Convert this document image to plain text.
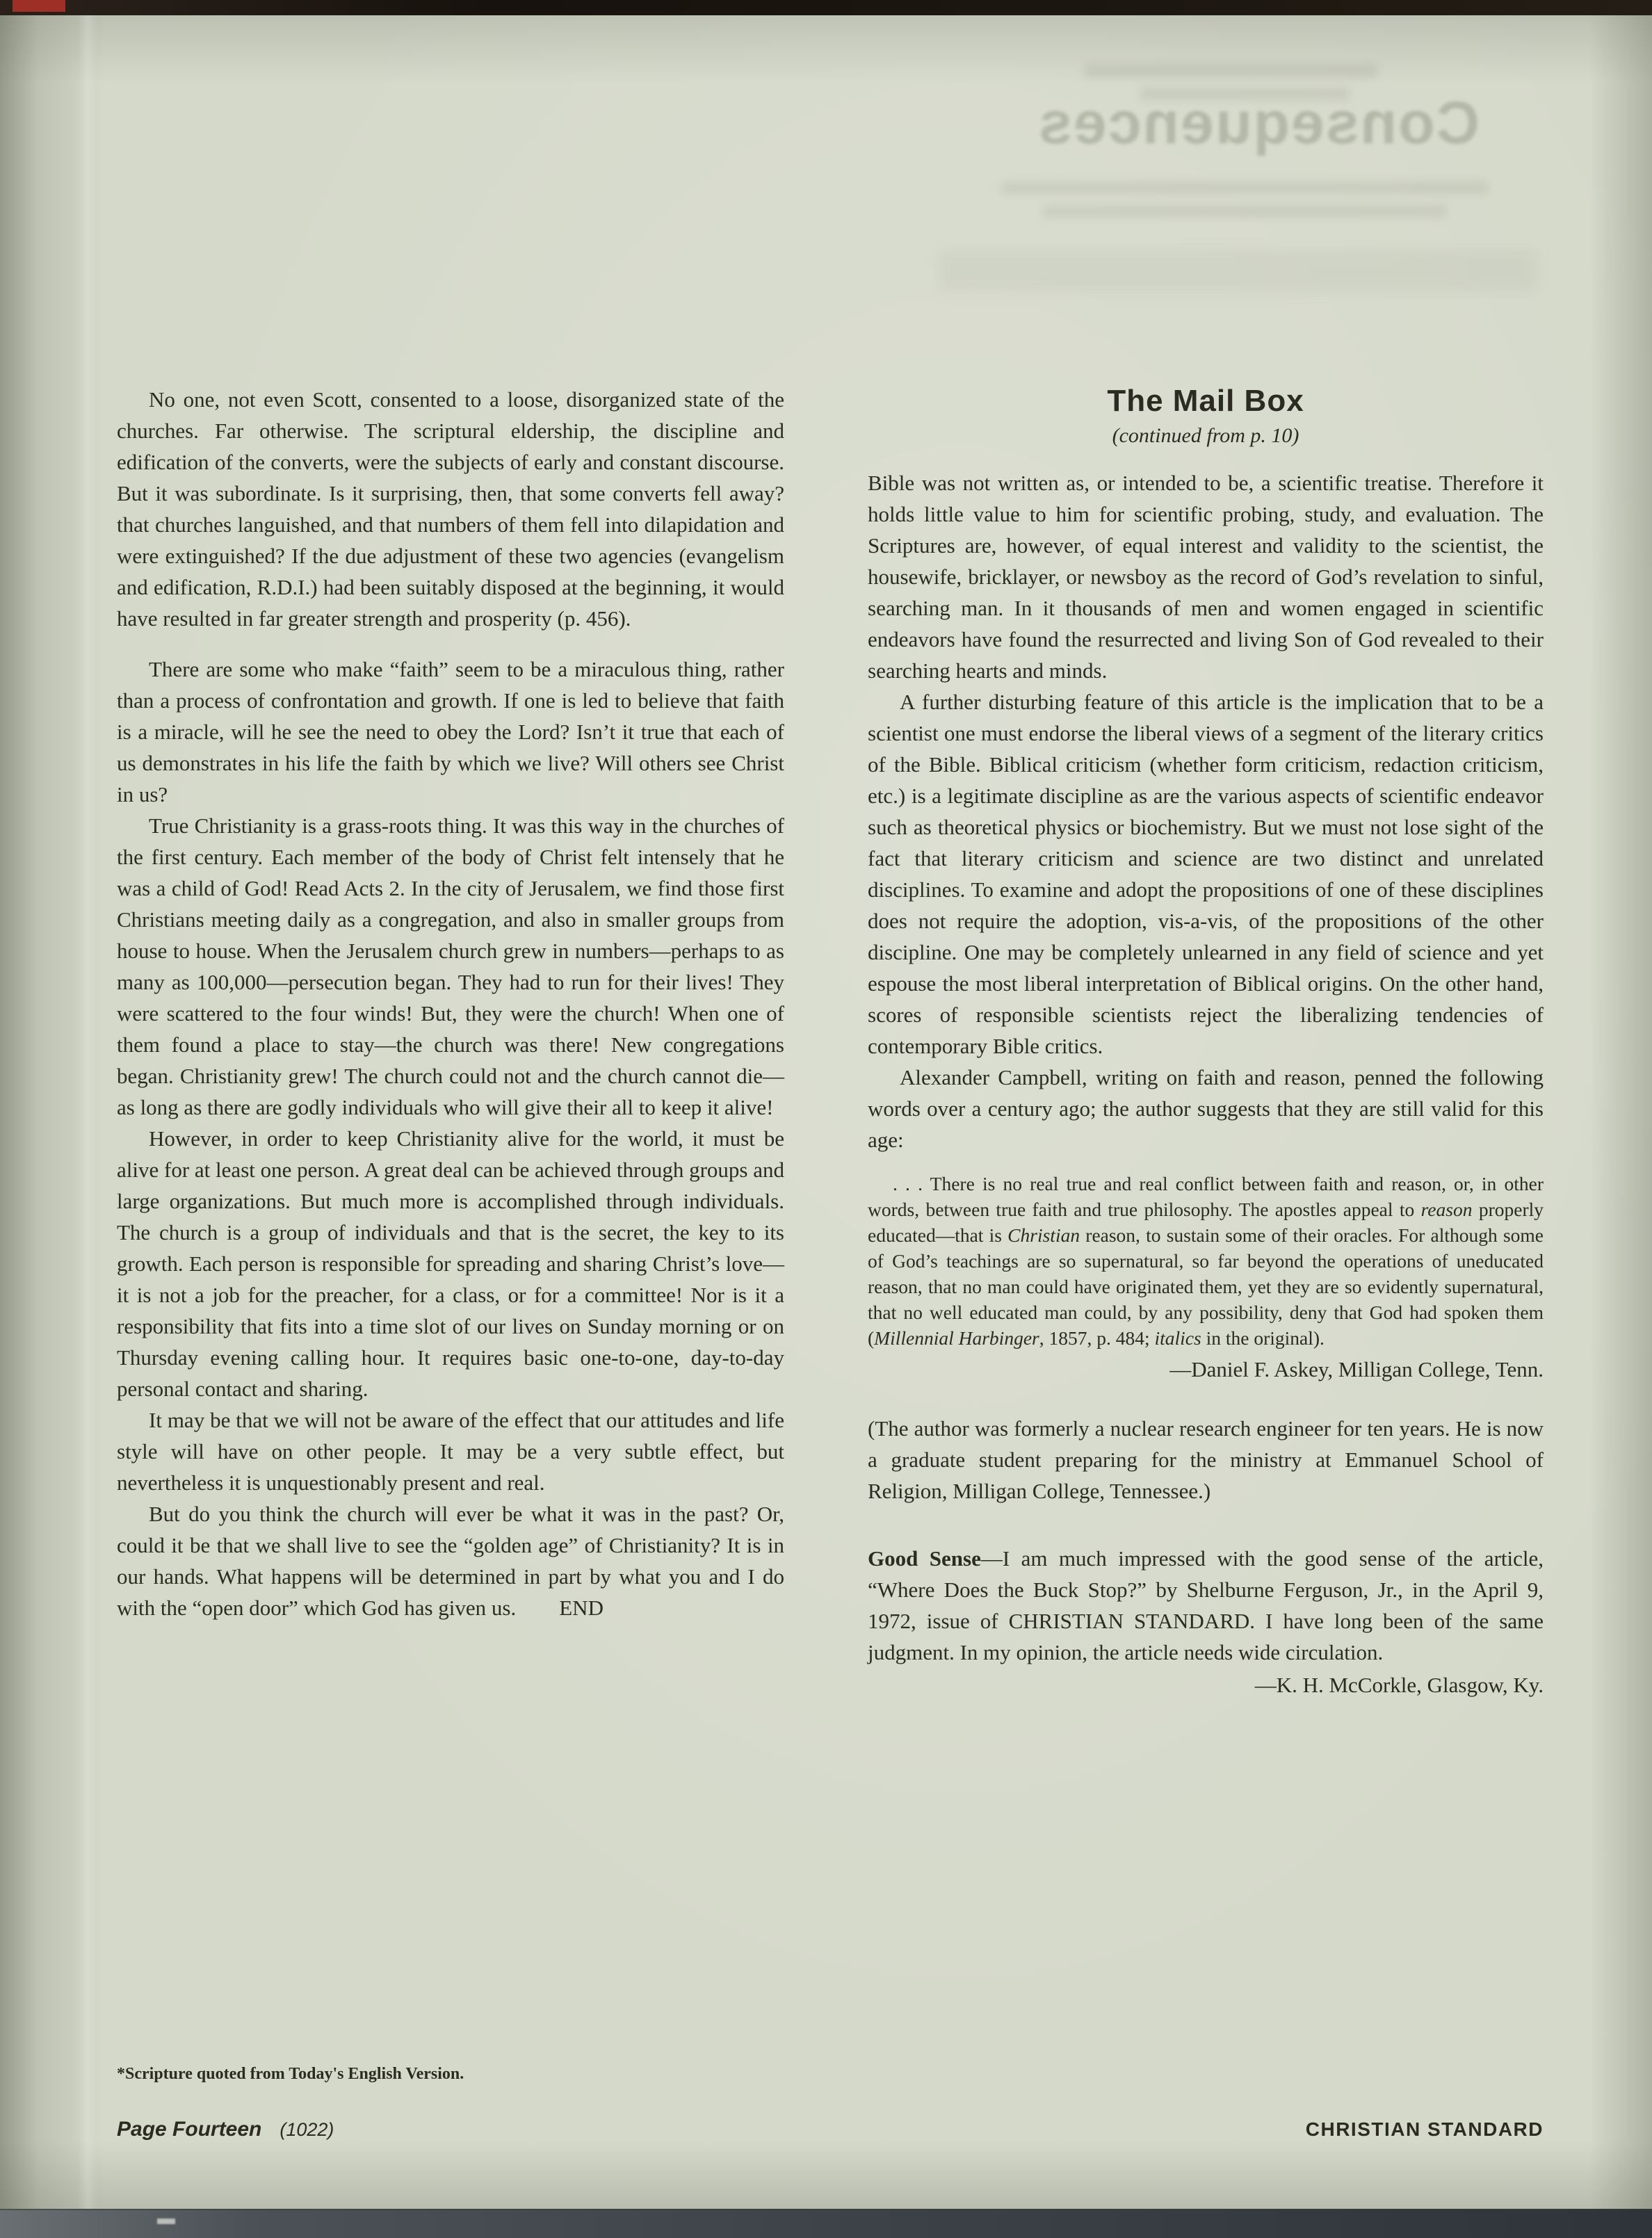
Consequences

No one, not even Scott, consented to a loose, disorganized state of the churches. Far otherwise. The scriptural eldership, the discipline and edification of the converts, were the subjects of early and constant discourse. But it was subordinate. Is it surprising, then, that some converts fell away? that churches languished, and that numbers of them fell into dilapidation and were extinguished? If the due adjustment of these two agencies (evangelism and edification, R.D.I.) had been suitably disposed at the beginning, it would have resulted in far greater strength and prosperity (p. 456).

There are some who make “faith” seem to be a miraculous thing, rather than a process of confrontation and growth. If one is led to believe that faith is a miracle, will he see the need to obey the Lord? Isn’t it true that each of us demonstrates in his life the faith by which we live? Will others see Christ in us?

True Christianity is a grass-roots thing. It was this way in the churches of the first century. Each member of the body of Christ felt intensely that he was a child of God! Read Acts 2. In the city of Jerusalem, we find those first Christians meeting daily as a congregation, and also in smaller groups from house to house. When the Jerusalem church grew in numbers—perhaps to as many as 100,000—persecution began. They had to run for their lives! They were scattered to the four winds! But, they were the church! When one of them found a place to stay—the church was there! New congregations began. Christianity grew! The church could not and the church cannot die—as long as there are godly individuals who will give their all to keep it alive!

However, in order to keep Christianity alive for the world, it must be alive for at least one person. A great deal can be achieved through groups and large organizations. But much more is accomplished through individuals. The church is a group of individuals and that is the secret, the key to its growth. Each person is responsible for spreading and sharing Christ’s love—it is not a job for the preacher, for a class, or for a committee! Nor is it a responsibility that fits into a time slot of our lives on Sunday morning or on Thursday evening calling hour. It requires basic one-to-one, day-to-day personal contact and sharing.

It may be that we will not be aware of the effect that our attitudes and life style will have on other people. It may be a very subtle effect, but nevertheless it is unquestionably present and real.

But do you think the church will ever be what it was in the past? Or, could it be that we shall live to see the “golden age” of Christianity? It is in our hands. What happens will be determined in part by what you and I do with the “open door” which God has given us.        END

*Scripture quoted from Today's English Version.
The Mail Box
(continued from p. 10)

Bible was not written as, or intended to be, a scientific treatise. Therefore it holds little value to him for scientific probing, study, and evaluation. The Scriptures are, however, of equal interest and validity to the scientist, the housewife, bricklayer, or newsboy as the record of God’s revelation to sinful, searching man. In it thousands of men and women engaged in scientific endeavors have found the resurrected and living Son of God revealed to their searching hearts and minds.

A further disturbing feature of this article is the implication that to be a scientist one must endorse the liberal views of a segment of the literary critics of the Bible. Biblical criticism (whether form criticism, redaction criticism, etc.) is a legitimate discipline as are the various aspects of scientific endeavor such as theoretical physics or biochemistry. But we must not lose sight of the fact that literary criticism and science are two distinct and unrelated disciplines. To examine and adopt the propositions of one of these disciplines does not require the adoption, vis-a-vis, of the propositions of the other discipline. One may be completely unlearned in any field of science and yet espouse the most liberal interpretation of Biblical origins. On the other hand, scores of responsible scientists reject the liberalizing tendencies of contemporary Bible critics.

Alexander Campbell, writing on faith and reason, penned the following words over a century ago; the author suggests that they are still valid for this age:

. . . There is no real true and real conflict between faith and reason, or, in other words, between true faith and true philosophy. The apostles appeal to reason properly educated—that is Christian reason, to sustain some of their oracles. For although some of God’s teachings are so supernatural, so far beyond the operations of uneducated reason, that no man could have originated them, yet they are so evidently supernatural, that no well educated man could, by any possibility, deny that God had spoken them (Millennial Harbinger, 1857, p. 484; italics in the original).

—Daniel F. Askey, Milligan College, Tenn.

(The author was formerly a nuclear research engineer for ten years. He is now a graduate student preparing for the ministry at Emmanuel School of Religion, Milligan College, Tennessee.)

Good Sense—I am much impressed with the good sense of the article, “Where Does the Buck Stop?” by Shelburne Ferguson, Jr., in the April 9, 1972, issue of CHRISTIAN STANDARD. I have long been of the same judgment. In my opinion, the article needs wide circulation.

—K. H. McCorkle, Glasgow, Ky.

Page Fourteen (1022)	CHRISTIAN STANDARD
